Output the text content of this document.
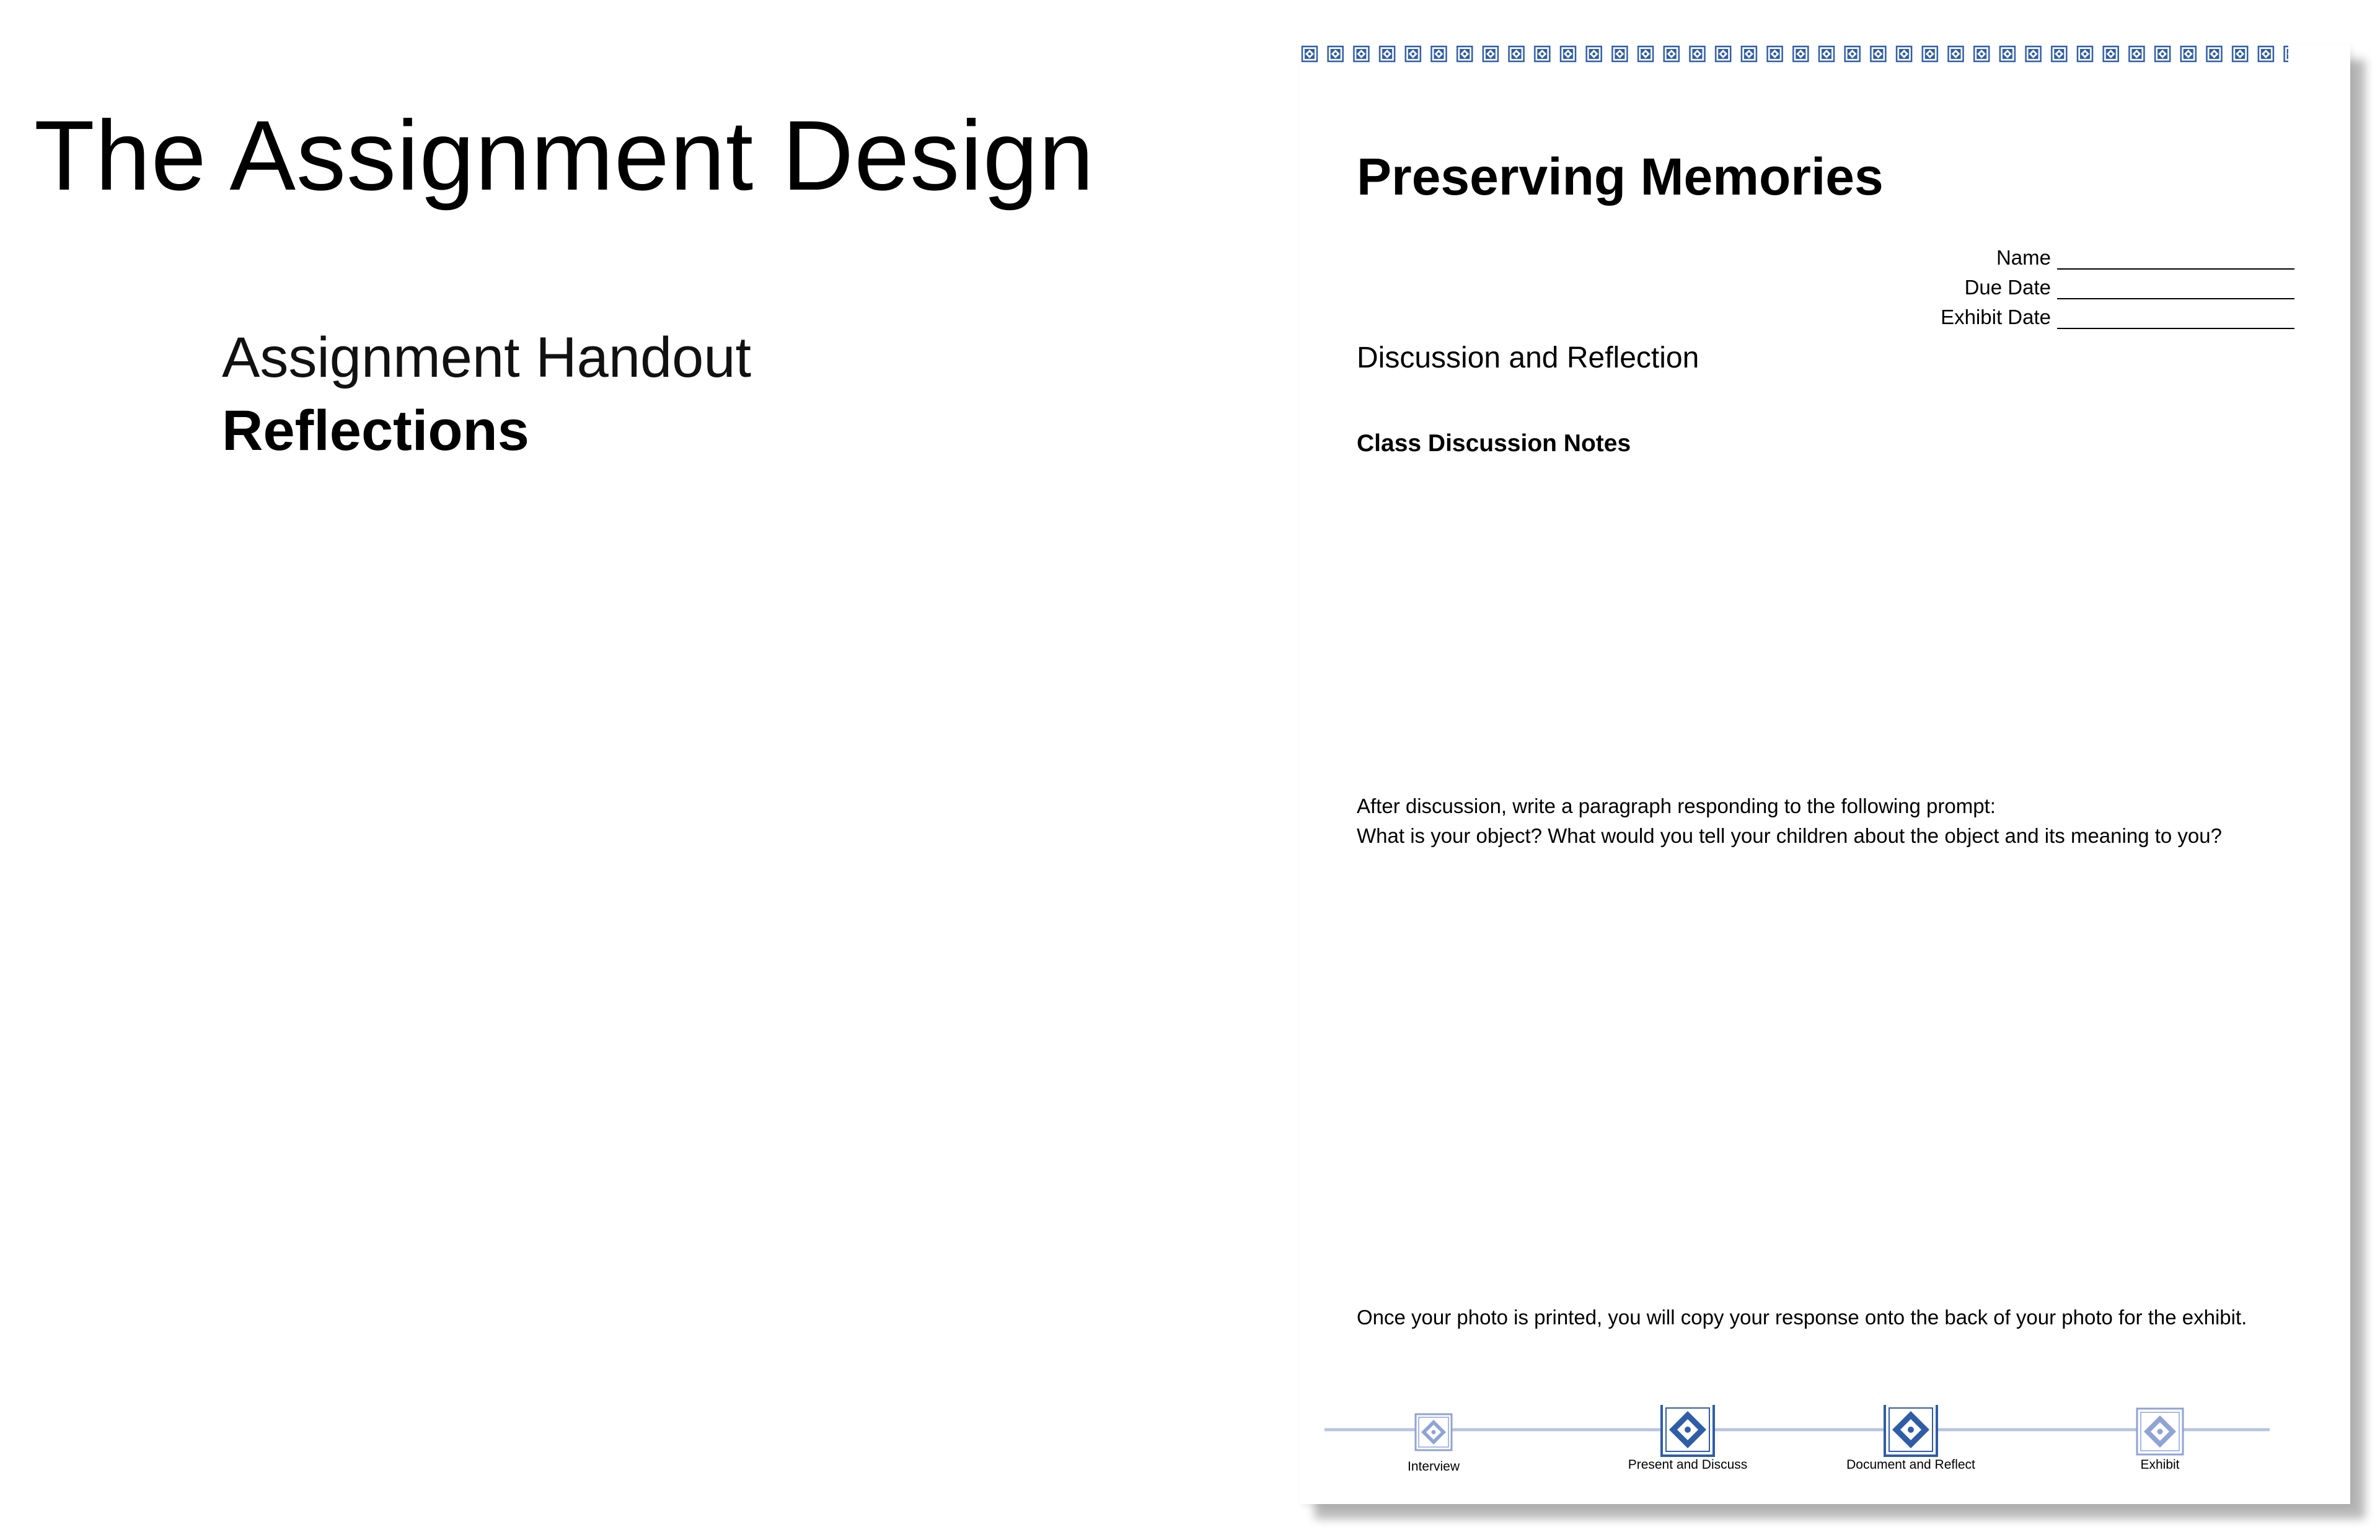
The Assignment Design
Assignment Handout
Reflections
Preserving Memories
Name
Due Date
Exhibit Date
Discussion and Reflection
Class Discussion Notes
After discussion, write a paragraph responding to the following prompt:
What is your object? What would you tell your children about the object and its meaning to you?
Once your photo is printed, you will copy your response onto the back of your photo for the exhibit.
Interview	Present and Discuss	Document and Reflect	Exhibit
